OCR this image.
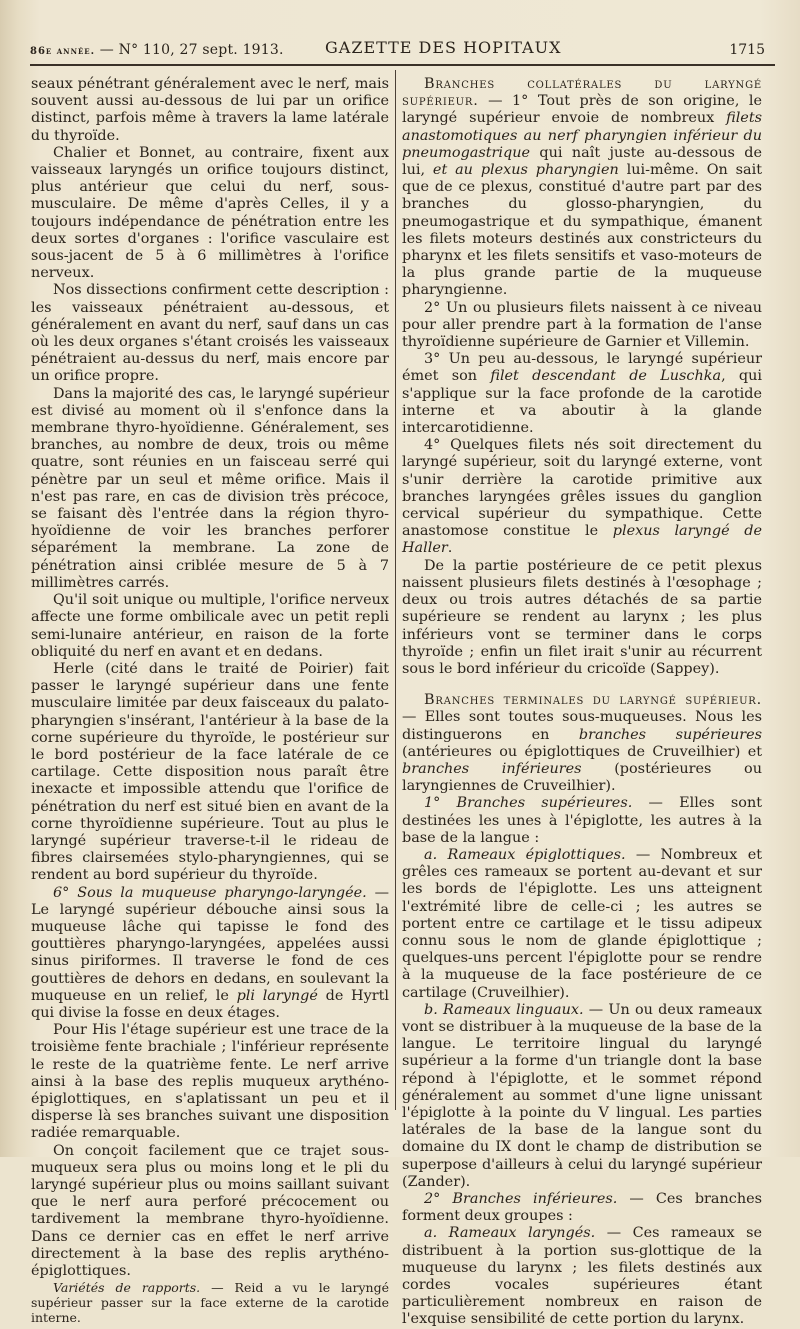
86e année. — N° 110, 27 sept. 1913.	GAZETTE DES HOPITAUX	1715

seaux pénétrant généralement avec le nerf, mais souvent aussi au-dessous de lui par un orifice distinct, parfois même à travers la lame latérale du thyroïde.

Chalier et Bonnet, au contraire, fixent aux vaisseaux laryngés un orifice toujours distinct, plus antérieur que celui du nerf, sous-musculaire. De même d'après Celles, il y a toujours indépendance de pénétration entre les deux sortes d'organes : l'orifice vasculaire est sous-jacent de 5 à 6 millimètres à l'orifice nerveux.

Nos dissections confirment cette description : les vaisseaux pénétraient au-dessous, et généralement en avant du nerf, sauf dans un cas où les deux organes s'étant croisés les vaisseaux pénétraient au-dessus du nerf, mais encore par un orifice propre.

Dans la majorité des cas, le laryngé supérieur est divisé au moment où il s'enfonce dans la membrane thyro-hyoïdienne. Généralement, ses branches, au nombre de deux, trois ou même quatre, sont réunies en un faisceau serré qui pénètre par un seul et même orifice. Mais il n'est pas rare, en cas de division très précoce, se faisant dès l'entrée dans la région thyro-hyoïdienne de voir les branches perforer séparément la membrane. La zone de pénétration ainsi criblée mesure de 5 à 7 millimètres carrés.

Qu'il soit unique ou multiple, l'orifice nerveux affecte une forme ombilicale avec un petit repli semi-lunaire antérieur, en raison de la forte obliquité du nerf en avant et en dedans.

Herle (cité dans le traité de Poirier) fait passer le laryngé supérieur dans une fente musculaire limitée par deux faisceaux du palato-pharyngien s'insérant, l'antérieur à la base de la corne supérieure du thyroïde, le postérieur sur le bord postérieur de la face latérale de ce cartilage. Cette disposition nous paraît être inexacte et impossible attendu que l'orifice de pénétration du nerf est situé bien en avant de la corne thyroïdienne supérieure. Tout au plus le laryngé supérieur traverse-t-il le rideau de fibres clairsemées stylo-pharyngiennes, qui se rendent au bord supérieur du thyroïde.

6° Sous la muqueuse pharyngo-laryngée. — Le laryngé supérieur débouche ainsi sous la muqueuse lâche qui tapisse le fond des gouttières pharyngo-laryngées, appelées aussi sinus piriformes. Il traverse le fond de ces gouttières de dehors en dedans, en soulevant la muqueuse en un relief, le pli laryngé de Hyrtl qui divise la fosse en deux étages.

Pour His l'étage supérieur est une trace de la troisième fente brachiale ; l'inférieur représente le reste de la quatrième fente. Le nerf arrive ainsi à la base des replis muqueux arythéno-épiglottiques, en s'aplatissant un peu et il disperse là ses branches suivant une disposition radiée remarquable.

On conçoit facilement que ce trajet sous-muqueux sera plus ou moins long et le pli du laryngé supérieur plus ou moins saillant suivant que le nerf aura perforé précocement ou tardivement la membrane thyro-hyoïdienne. Dans ce dernier cas en effet le nerf arrive directement à la base des replis arythéno-épiglottiques.

Variétés de rapports. — Reid a vu le laryngé supérieur passer sur la face externe de la carotide interne.

Branches collatérales du laryngé supérieur. — 1° Tout près de son origine, le laryngé supérieur envoie de nombreux filets anastomotiques au nerf pharyngien inférieur du pneumogastrique qui naît juste au-dessous de lui, et au plexus pharyngien lui-même. On sait que de ce plexus, constitué d'autre part par des branches du glosso-pharyngien, du pneumogastrique et du sympathique, émanent les filets moteurs destinés aux constricteurs du pharynx et les filets sensitifs et vaso-moteurs de la plus grande partie de la muqueuse pharyngienne.

2° Un ou plusieurs filets naissent à ce niveau pour aller prendre part à la formation de l'anse thyroïdienne supérieure de Garnier et Villemin.

3° Un peu au-dessous, le laryngé supérieur émet son filet descendant de Luschka, qui s'applique sur la face profonde de la carotide interne et va aboutir à la glande intercarotidienne.

4° Quelques filets nés soit directement du laryngé supérieur, soit du laryngé externe, vont s'unir derrière la carotide primitive aux branches laryngées grêles issues du ganglion cervical supérieur du sympathique. Cette anastomose constitue le plexus laryngé de Haller.

De la partie postérieure de ce petit plexus naissent plusieurs filets destinés à l'œsophage ; deux ou trois autres détachés de sa partie supérieure se rendent au larynx ; les plus inférieurs vont se terminer dans le corps thyroïde ; enfin un filet irait s'unir au récurrent sous le bord inférieur du cricoïde (Sappey).

Branches terminales du laryngé supérieur. — Elles sont toutes sous-muqueuses. Nous les distinguerons en branches supérieures (antérieures ou épiglottiques de Cruveilhier) et branches inférieures (postérieures ou laryngiennes de Cruveilhier).

1° Branches supérieures. — Elles sont destinées les unes à l'épiglotte, les autres à la base de la langue :

a. Rameaux épiglottiques. — Nombreux et grêles ces rameaux se portent au-devant et sur les bords de l'épiglotte. Les uns atteignent l'extrémité libre de celle-ci ; les autres se portent entre ce cartilage et le tissu adipeux connu sous le nom de glande épiglottique ; quelques-uns percent l'épiglotte pour se rendre à la muqueuse de la face postérieure de ce cartilage (Cruveilhier).

b. Rameaux linguaux. — Un ou deux rameaux vont se distribuer à la muqueuse de la base de la langue. Le territoire lingual du laryngé supérieur a la forme d'un triangle dont la base répond à l'épiglotte, et le sommet répond généralement au sommet d'une ligne unissant l'épiglotte à la pointe du V lingual. Les parties latérales de la base de la langue sont du domaine du IX dont le champ de distribution se superpose d'ailleurs à celui du laryngé supérieur (Zander).

2° Branches inférieures. — Ces branches forment deux groupes :

a. Rameaux laryngés. — Ces rameaux se distribuent à la portion sus-glottique de la muqueuse du larynx ; les filets destinés aux cordes vocales supérieures étant particulièrement nombreux en raison de l'exquise sensibilité de cette portion du larynx.
